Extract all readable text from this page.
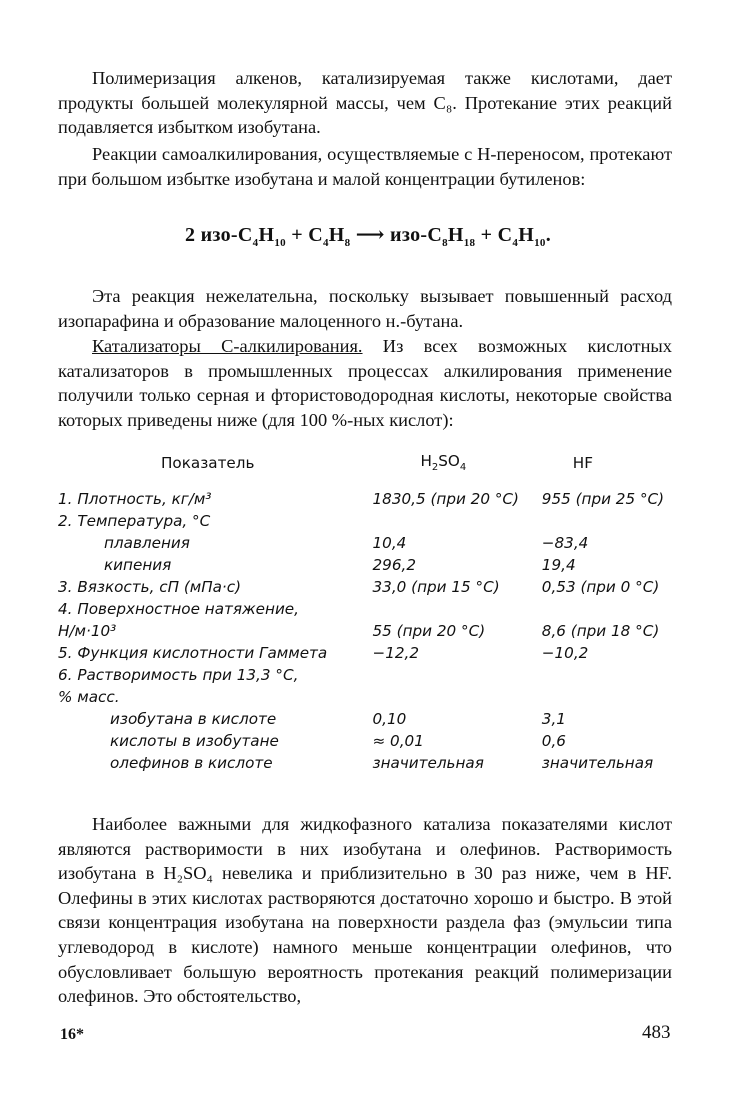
Полимеризация алкенов, катализируемая также кислотами, дает продукты большей молекулярной массы, чем C₈. Протекание этих реакций подавляется избытком изобутана.

Реакции самоалкилирования, осуществляемые с Н-переносом, протекают при большом избытке изобутана и малой концентрации бутиленов:

2 изо-$C_4H_{10} + C_4H_8$ ⟶ изо-$C_8H_{18} + C_4H_{10}$.

Эта реакция нежелательна, поскольку вызывает повышенный расход изопарафина и образование малоценного н.-бутана.

Катализаторы С-алкилирования. Из всех возможных кислотных катализаторов в промышленных процессах алкилирования применение получили только серная и фтористоводородная кислоты, некоторые свойства которых приведены ниже (для 100 %-ных кислот):

Показатель	$H_2SO_4$	HF
1. Плотность, кг/м³	1830,5 (при 20 °C)	955 (при 25 °C)
2. Температура, °C		
плавления	10,4	−83,4
кипения	296,2	19,4
3. Вязкость, сП (мПа·с)	33,0 (при 15 °C)	0,53 (при 0 °C)
4. Поверхностное натяжение,		
Н/м·10³	55 (при 20 °C)	8,6 (при 18 °C)
5. Функция кислотности Гаммета	−12,2	−10,2
6. Растворимость при 13,3 °C,		
% масс.		
изобутана в кислоте	0,10	3,1
кислоты в изобутане	≈ 0,01	0,6
олефинов в кислоте	значительная	значительная

Наиболее важными для жидкофазного катализа показателями кислот являются растворимости в них изобутана и олефинов. Растворимость изобутана в H₂SO₄ невелика и приблизительно в 30 раз ниже, чем в HF. Олефины в этих кислотах растворяются достаточно хорошо и быстро. В этой связи концентрация изобутана на поверхности раздела фаз (эмульсии типа углеводород в кислоте) намного меньше концентрации олефинов, что обусловливает большую вероятность протекания реакций полимеризации олефинов. Это обстоятельство,

16*	483
